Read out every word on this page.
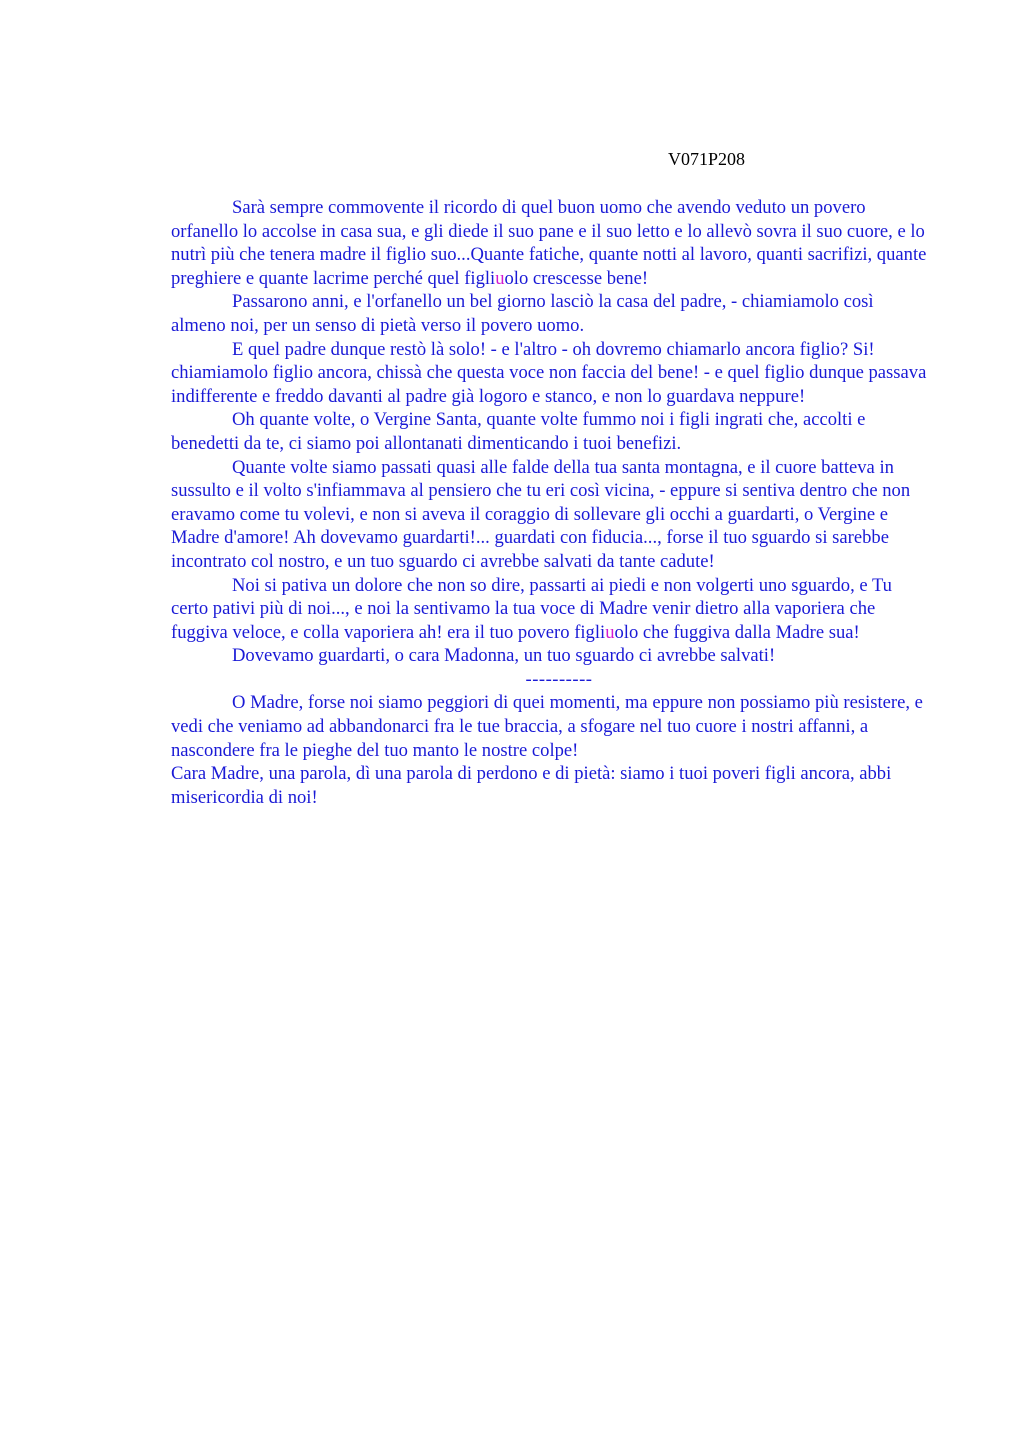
V071P208

Sarà sempre commovente il ricordo di quel buon uomo che avendo veduto un povero orfanello lo accolse in casa sua, e gli diede il suo pane e il suo letto e lo allevò sovra il suo cuore, e lo nutrì più che tenera madre il figlio suo...Quante fatiche, quante notti al lavoro, quanti sacrifizi, quante preghiere e quante lacrime perché quel figliuolo crescesse bene!

Passarono anni, e l'orfanello un bel giorno lasciò la casa del padre, - chiamiamolo così almeno noi, per un senso di pietà verso il povero uomo.

E quel padre dunque restò là solo! - e l'altro - oh dovremo chiamarlo ancora figlio? Si! chiamiamolo figlio ancora, chissà che questa voce non faccia del bene! - e quel figlio dunque passava indifferente e freddo davanti al padre già logoro e stanco, e non lo guardava neppure!

Oh quante volte, o Vergine Santa, quante volte fummo noi i figli ingrati che, accolti e benedetti da te, ci siamo poi allontanati dimenticando i tuoi benefizi.

Quante volte siamo passati quasi alle falde della tua santa montagna, e il cuore batteva in sussulto e il volto s'infiammava al pensiero che tu eri così vicina, - eppure si sentiva dentro che non eravamo come tu volevi, e non si aveva il coraggio di sollevare gli occhi a guardarti, o Vergine e Madre d'amore! Ah dovevamo guardarti!... guardati con fiducia..., forse il tuo sguardo si sarebbe incontrato col nostro, e un tuo sguardo ci avrebbe salvati da tante cadute!

Noi si pativa un dolore che non so dire, passarti ai piedi e non volgerti uno sguardo, e Tu certo pativi più di noi..., e noi la sentivamo la tua voce di Madre venir dietro alla vaporiera che fuggiva veloce, e colla vaporiera ah! era il tuo povero figliuolo che fuggiva dalla Madre sua!

Dovevamo guardarti, o cara Madonna, un tuo sguardo ci avrebbe salvati!

----------

O Madre, forse noi siamo peggiori di quei momenti, ma eppure non possiamo più resistere, e vedi che veniamo ad abbandonarci fra le tue braccia, a sfogare nel tuo cuore i nostri affanni, a nascondere fra le pieghe del tuo manto le nostre colpe!

Cara Madre, una parola, dì una parola di perdono e di pietà: siamo i tuoi poveri figli ancora, abbi misericordia di noi!
